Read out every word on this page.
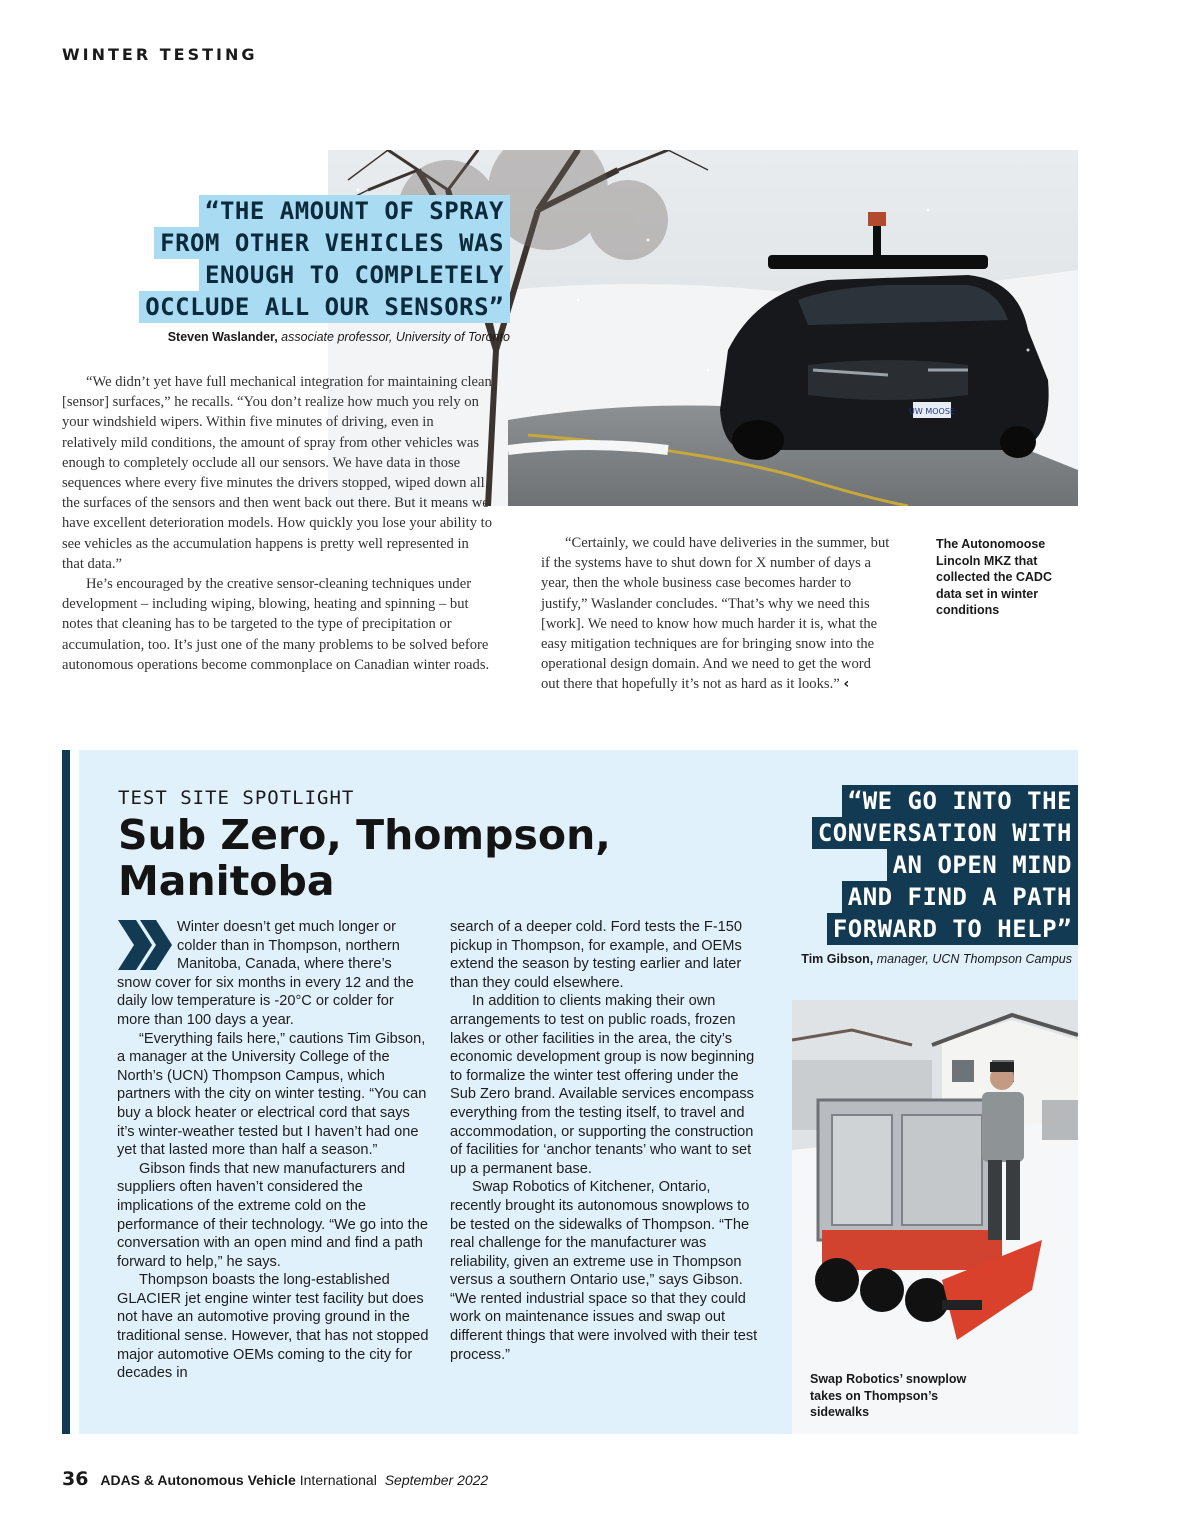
WINTER TESTING
UW MOOSE
“THE AMOUNT OF SPRAY
FROM OTHER VEHICLES WAS
ENOUGH TO COMPLETELY
OCCLUDE ALL OUR SENSORS”
Steven Waslander, associate professor, University of Toronto

“We didn’t yet have full mechanical integration for maintaining clean [sensor] surfaces,” he recalls. “You don’t realize how much you rely on your windshield wipers. Within five minutes of driving, even in relatively mild conditions, the amount of spray from other vehicles was enough to completely occlude all our sensors. We have data in those sequences where every five minutes the drivers stopped, wiped down all the surfaces of the sensors and then went back out there. But it means we have excellent deterioration models. How quickly you lose your ability to see vehicles as the accumulation happens is pretty well represented in that data.”

He’s encouraged by the creative sensor-cleaning techniques under development – including wiping, blowing, heating and spinning – but notes that cleaning has to be targeted to the type of precipitation or accumulation, too. It’s just one of the many problems to be solved before autonomous operations become commonplace on Canadian winter roads.

“Certainly, we could have deliveries in the summer, but if the systems have to shut down for X number of days a year, then the whole business case becomes harder to justify,” Waslander concludes. “That’s why we need this [work]. We need to know how much harder it is, what the easy mitigation techniques are for bringing snow into the operational design domain. And we need to get the word out there that hopefully it’s not as hard as it looks.” ‹

The Autonomoose Lincoln MKZ that collected the CADC data set in winter conditions
TEST SITE SPOTLIGHT
Sub Zero, Thompson, Manitoba

Winter doesn’t get much longer or colder than in Thompson, northern Manitoba, Canada, where there’s snow cover for six months in every 12 and the daily low temperature is -20°C or colder for more than 100 days a year.

“Everything fails here,” cautions Tim Gibson, a manager at the University College of the North’s (UCN) Thompson Campus, which partners with the city on winter testing. “You can buy a block heater or electrical cord that says it’s winter-weather tested but I haven’t had one yet that lasted more than half a season.”

Gibson finds that new manufacturers and suppliers often haven’t considered the implications of the extreme cold on the performance of their technology. “We go into the conversation with an open mind and find a path forward to help,” he says.

Thompson boasts the long-established GLACIER jet engine winter test facility but does not have an automotive proving ground in the traditional sense. However, that has not stopped major automotive OEMs coming to the city for decades in

search of a deeper cold. Ford tests the F-150 pickup in Thompson, for example, and OEMs extend the season by testing earlier and later than they could elsewhere.

In addition to clients making their own arrangements to test on public roads, frozen lakes or other facilities in the area, the city’s economic development group is now beginning to formalize the winter test offering under the Sub Zero brand. Available services encompass everything from the testing itself, to travel and accommodation, or supporting the construction of facilities for ‘anchor tenants’ who want to set up a permanent base.

Swap Robotics of Kitchener, Ontario, recently brought its autonomous snowplows to be tested on the sidewalks of Thompson. “The real challenge for the manufacturer was reliability, given an extreme use in Thompson versus a southern Ontario use,” says Gibson. “We rented industrial space so that they could work on maintenance issues and swap out different things that were involved with their test process.”

“WE GO INTO THE
CONVERSATION WITH
AN OPEN MIND
AND FIND A PATH
FORWARD TO HELP”
Tim Gibson, manager, UCN Thompson Campus
Swap Robotics’ snowplow takes on Thompson’s sidewalks
36 ADAS & Autonomous Vehicle International September 2022
